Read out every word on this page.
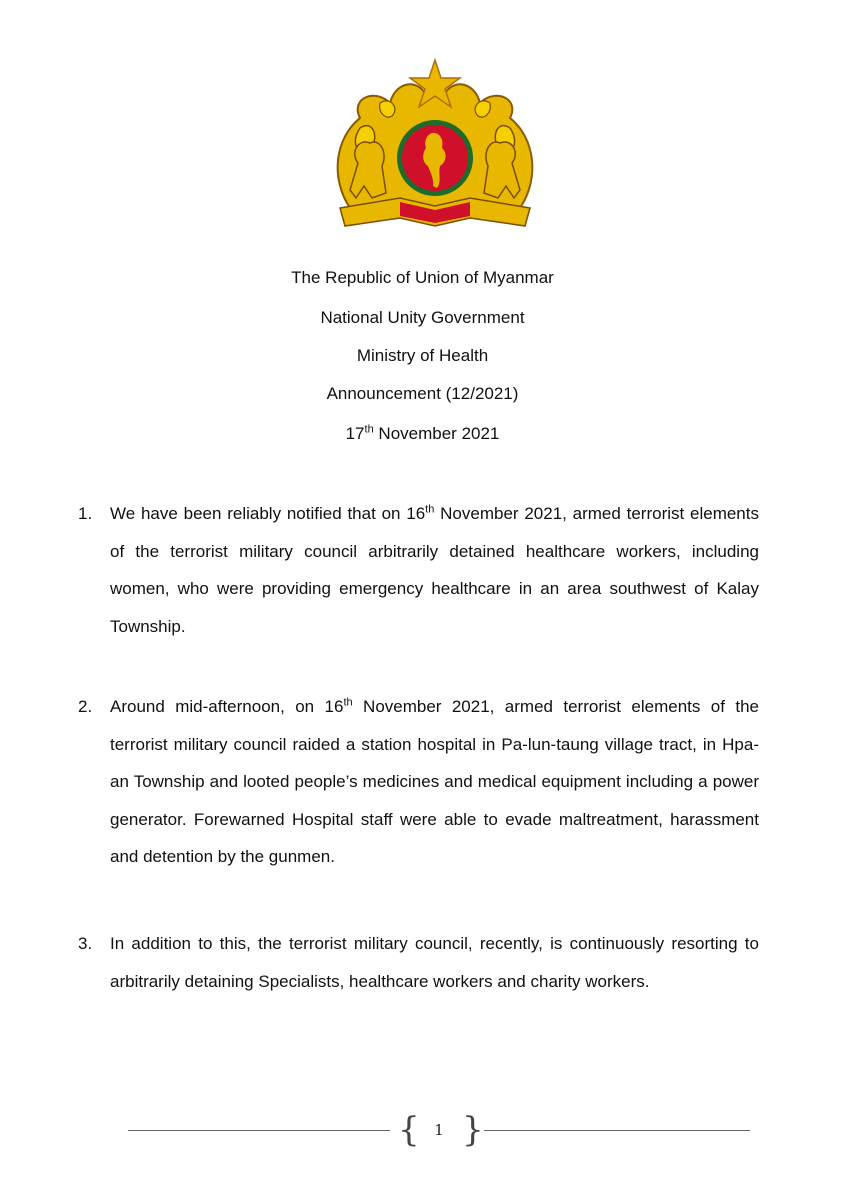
The Republic of Union of Myanmar
National Unity Government
Ministry of Health
Announcement (12/2021)
17th November 2021
1. We have been reliably notified that on 16th November 2021, armed terrorist elements of the terrorist military council arbitrarily detained healthcare workers, including women, who were providing emergency healthcare in an area southwest of Kalay Township.
2. Around mid-afternoon, on 16th November 2021, armed terrorist elements of the terrorist military council raided a station hospital in Pa-lun-taung village tract, in Hpa-an Township and looted people’s medicines and medical equipment including a power generator. Forewarned Hospital staff were able to evade maltreatment, harassment and detention by the gunmen.
3. In addition to this, the terrorist military council, recently, is continuously resorting to arbitrarily detaining Specialists, healthcare workers and charity workers.
{ 1 }
